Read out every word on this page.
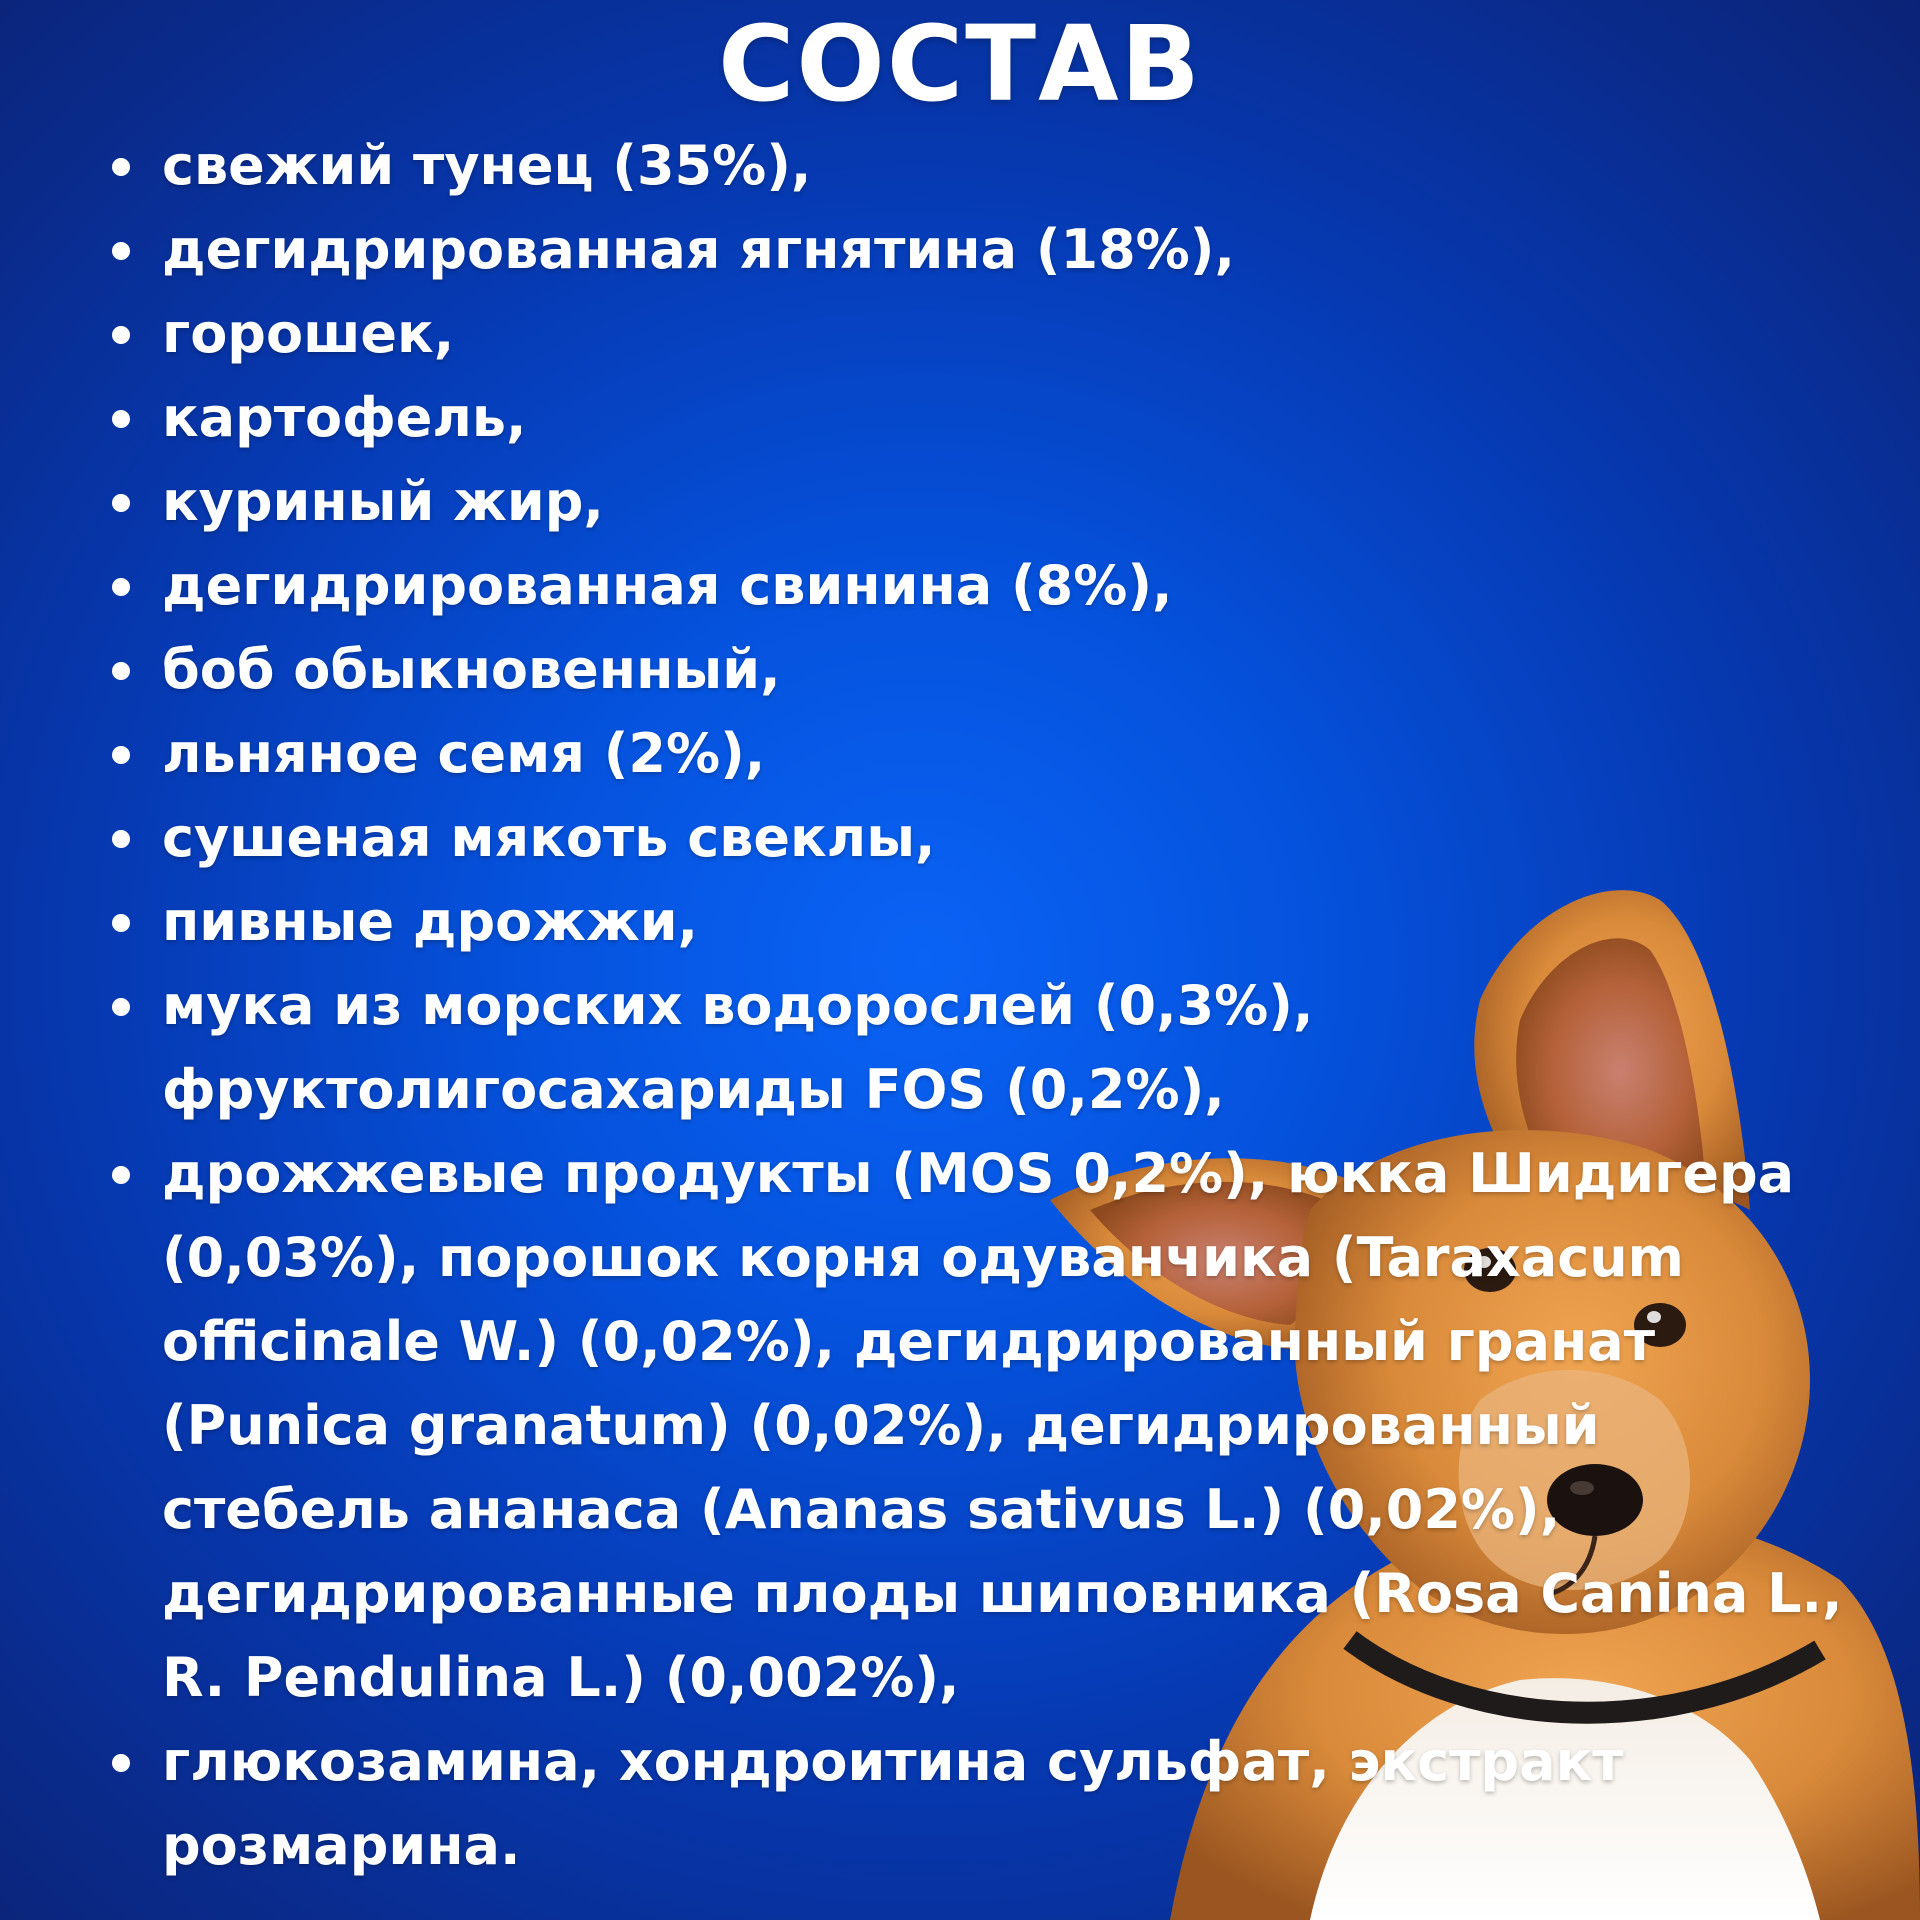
СОСТАВ
свежий тунец (35%),
дегидрированная ягнятина (18%),
горошек,
картофель,
куриный жир,
дегидрированная свинина (8%),
боб обыкновенный,
льняное семя (2%),
сушеная мякоть свеклы,
пивные дрожжи,
мука из морских водорослей (0,3%),
фруктолигосахариды FOS (0,2%),
дрожжевые продукты (MOS 0,2%), юкка Шидигера (0,03%), порошок корня одуванчика (Taraxacum officinale W.) (0,02%), дегидрированный гранат (Punica granatum) (0,02%), дегидрированный стебель ананаса (Ananas sativus L.) (0,02%), дегидрированные плоды шиповника (Rosa Canina L., R. Pendulina L.) (0,002%),
глюкозамина, хондроитина сульфат, экстракт розмарина.
